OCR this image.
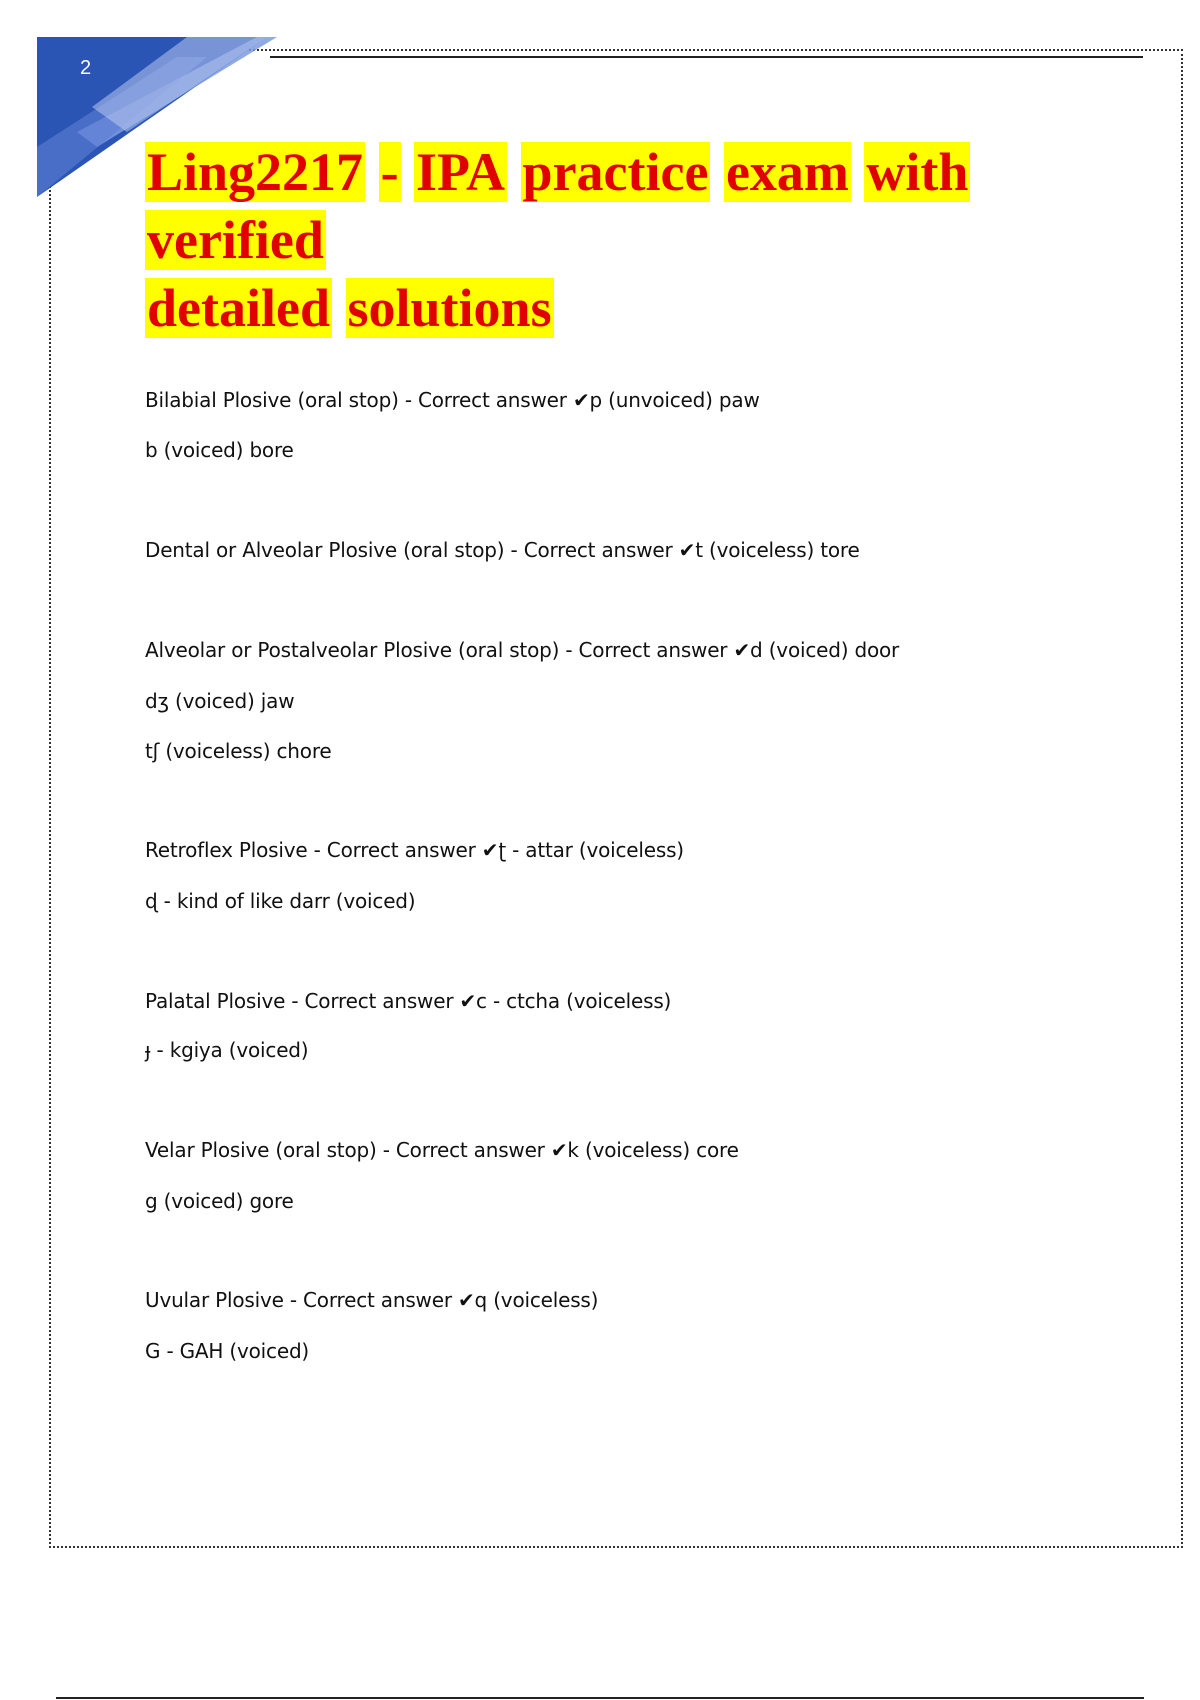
2
Ling2217 - IPA practice exam with verified
detailed solutions

Bilabial Plosive (oral stop) - Correct answer ✔p (unvoiced) paw

b (voiced) bore

Dental or Alveolar Plosive (oral stop) - Correct answer ✔t (voiceless) tore

Alveolar or Postalveolar Plosive (oral stop) - Correct answer ✔d (voiced) door

dʒ (voiced) jaw

tʃ (voiceless) chore

Retroflex Plosive - Correct answer ✔ʈ - attar (voiceless)

ɖ - kind of like darr (voiced)

Palatal Plosive - Correct answer ✔c - ctcha (voiceless)

ɟ - kgiya (voiced)

Velar Plosive (oral stop) - Correct answer ✔k (voiceless) core

g (voiced) gore

Uvular Plosive - Correct answer ✔q (voiceless)

G - GAH (voiced)
